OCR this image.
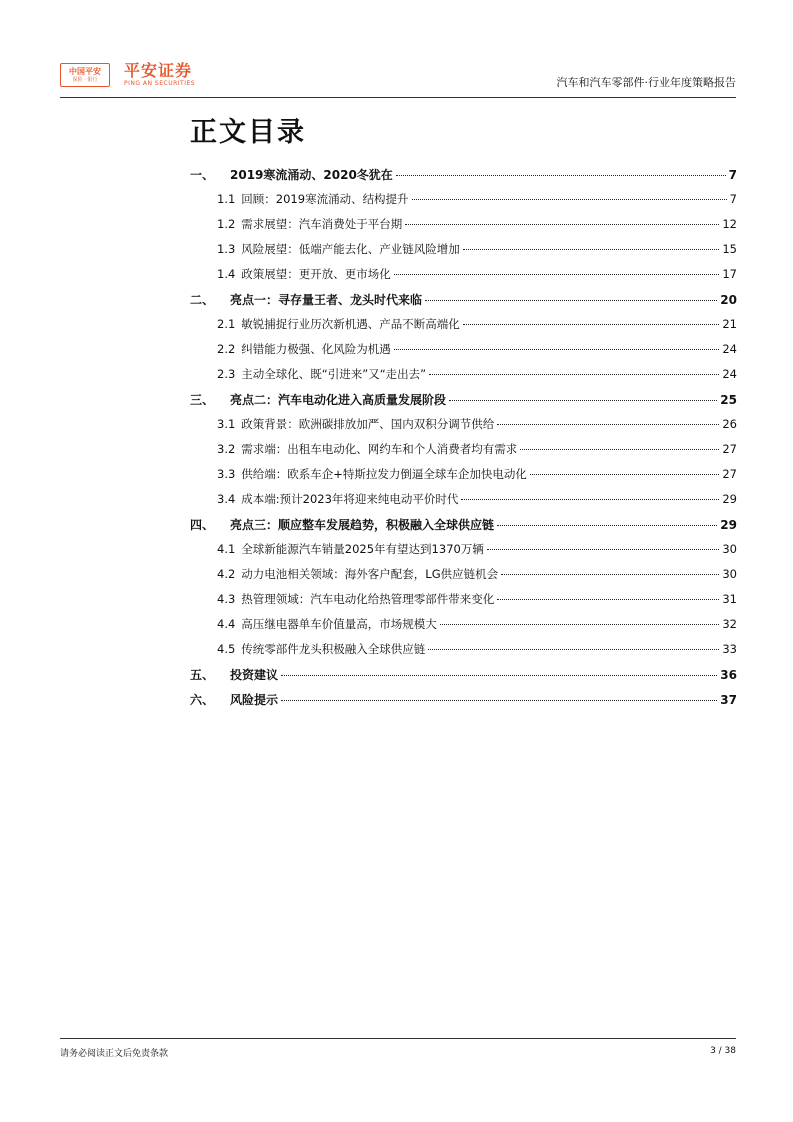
中国平安
保险 · 银行 平安证券
PING AN SECURITIES	汽车和汽车零部件·行业年度策略报告
正文目录
一、	2019寒流涌动、2020冬犹在	7
1.1 回顾：2019寒流涌动、结构提升	7
1.2 需求展望：汽车消费处于平台期	12
1.3 风险展望：低端产能去化、产业链风险增加	15
1.4 政策展望：更开放、更市场化	17
二、	亮点一：寻存量王者、龙头时代来临	20
2.1 敏锐捕捉行业历次新机遇、产品不断高端化	21
2.2 纠错能力极强、化风险为机遇	24
2.3 主动全球化、既“引进来”又“走出去”	24
三、	亮点二：汽车电动化进入高质量发展阶段	25
3.1 政策背景：欧洲碳排放加严、国内双积分调节供给	26
3.2 需求端：出租车电动化、网约车和个人消费者均有需求	27
3.3 供给端：欧系车企+特斯拉发力倒逼全球车企加快电动化	27
3.4 成本端:预计2023年将迎来纯电动平价时代	29
四、	亮点三：顺应整车发展趋势，积极融入全球供应链	29
4.1 全球新能源汽车销量2025年有望达到1370万辆	30
4.2 动力电池相关领域：海外客户配套，LG供应链机会	30
4.3 热管理领域：汽车电动化给热管理零部件带来变化	31
4.4 高压继电器单车价值量高，市场规模大	32
4.5 传统零部件龙头积极融入全球供应链	33
五、	投资建议	36
六、	风险提示	37
请务必阅读正文后免责条款	3 / 38
